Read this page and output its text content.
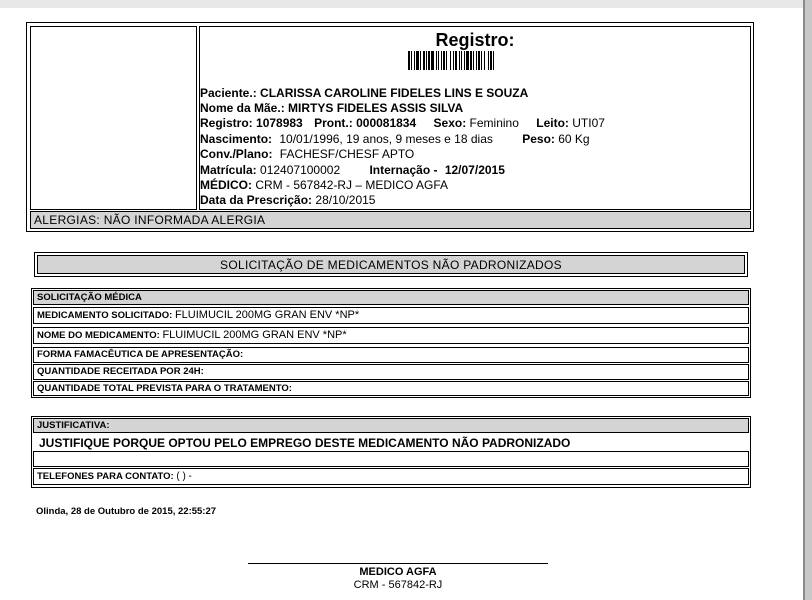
Registro:
Paciente.: CLARISSA CAROLINE FIDELES LINS E SOUZA
Nome da Mãe.: MIRTYS FIDELES ASSIS SILVA
Registro: 1078983 Pront.: 000081834 Sexo: Feminino Leito: UTI07
Nascimento: 10/01/1996, 19 anos, 9 meses e 18 dias Peso: 60 Kg
Conv./Plano: FACHESF/CHESF APTO
Matrícula: 012407100002 Internação - 12/07/2015
MÉDICO: CRM - 567842-RJ – MEDICO AGFA
Data da Prescrição: 28/10/2015
ALERGIAS: NÃO INFORMADA ALERGIA
SOLICITAÇÃO DE MEDICAMENTOS NÃO PADRONIZADOS
SOLICITAÇÃO MÉDICA
MEDICAMENTO SOLICITADO: FLUIMUCIL 200MG GRAN ENV *NP*
NOME DO MEDICAMENTO: FLUIMUCIL 200MG GRAN ENV *NP*
FORMA FAMACÊUTICA DE APRESENTAÇÃO:
QUANTIDADE RECEITADA POR 24H:
QUANTIDADE TOTAL PREVISTA PARA O TRATAMENTO:
JUSTIFICATIVA:
JUSTIFIQUE PORQUE OPTOU PELO EMPREGO DESTE MEDICAMENTO NÃO PADRONIZADO
TELEFONES PARA CONTATO: ( ) -
Olinda, 28 de Outubro de 2015, 22:55:27
MEDICO AGFA
CRM - 567842-RJ
